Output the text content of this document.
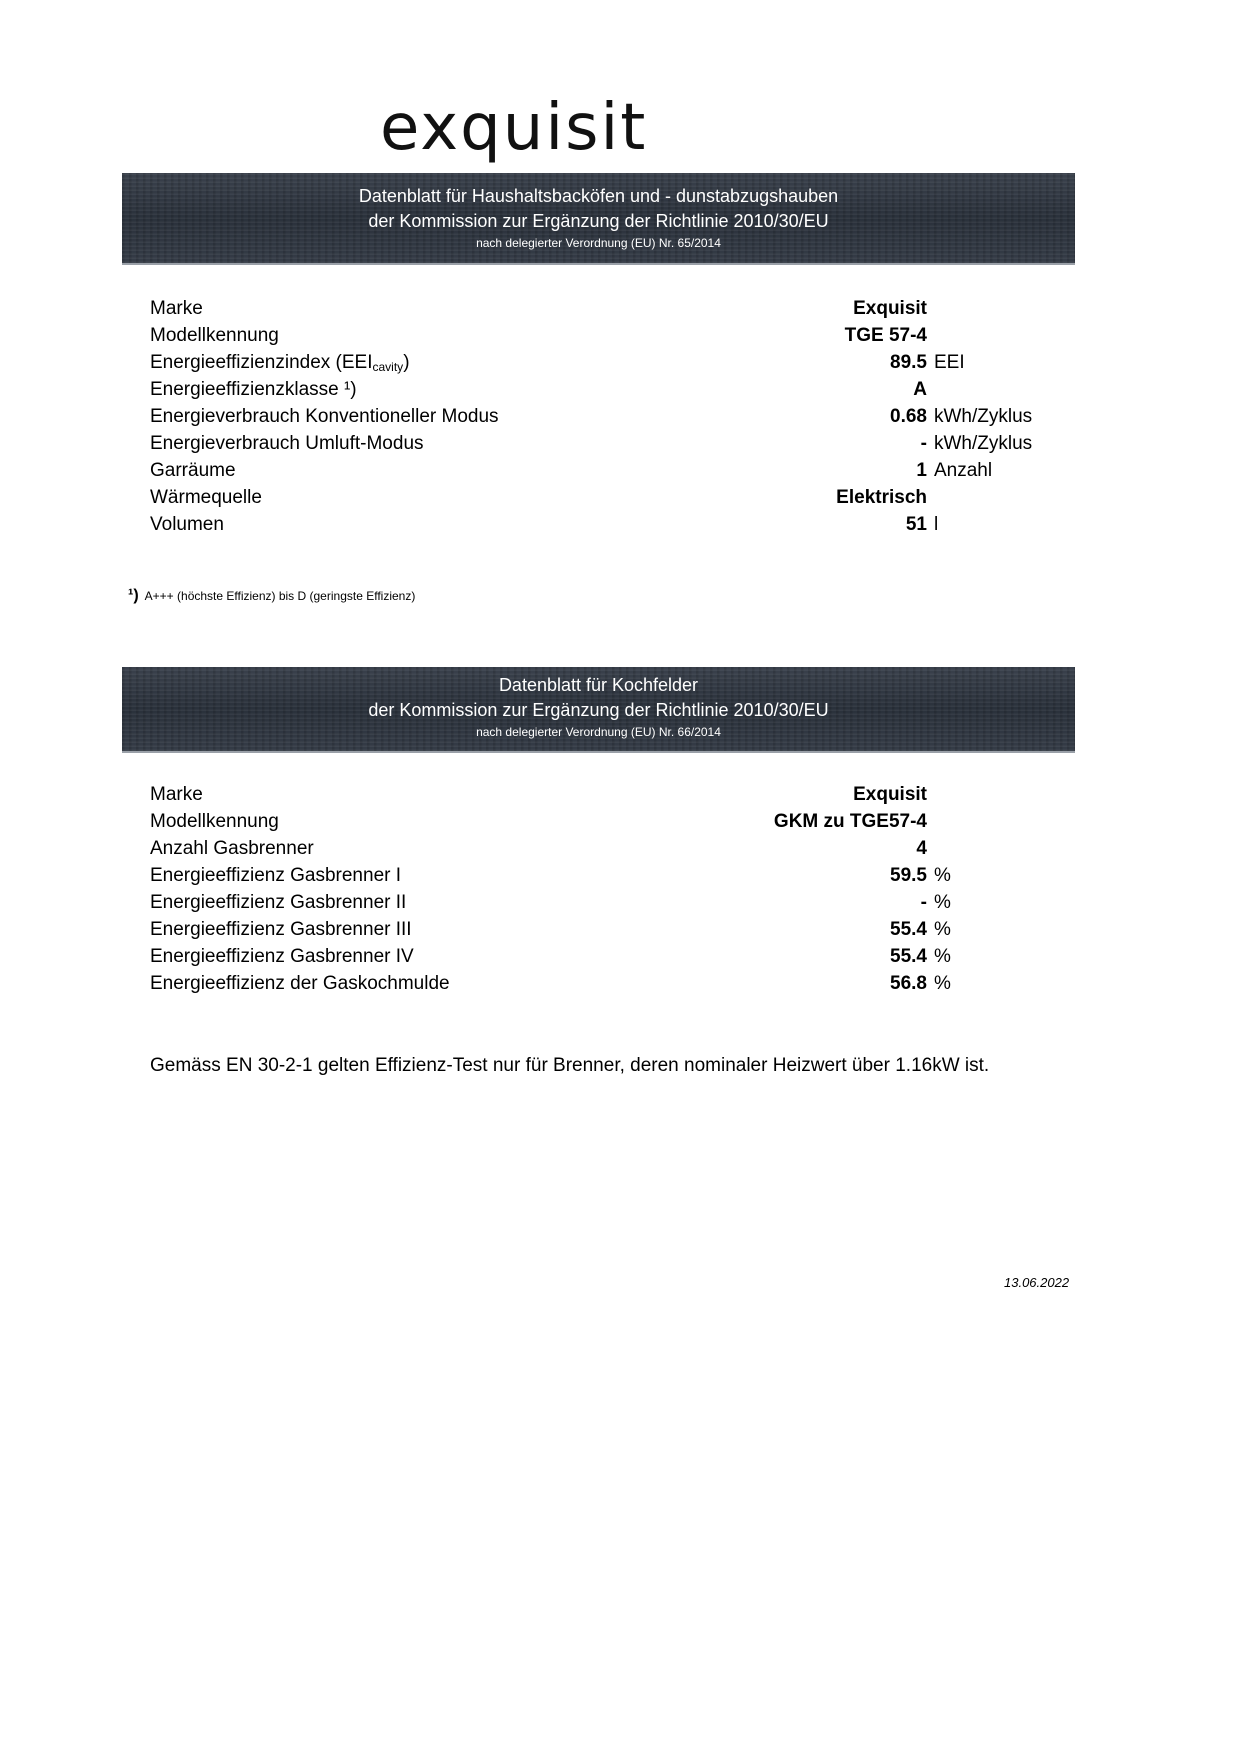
exquisit
Datenblatt für Haushaltsbacköfen und - dunstabzugshauben
der Kommission zur Ergänzung der Richtlinie 2010/30/EU
nach delegierter Verordnung (EU) Nr. 65/2014
Marke	Exquisit
Modellkennung	TGE 57-4
Energieeffizienzindex $(EEI_{cavity})$	89.5 EEI
Energieeffizienzklasse ¹)	A
Energieverbrauch Konventioneller Modus	0.68 kWh/Zyklus
Energieverbrauch Umluft-Modus	- kWh/Zyklus
Garräume	1 Anzahl
Wärmequelle	Elektrisch
Volumen	51 l
¹) A+++ (höchste Effizienz) bis D (geringste Effizienz)
Datenblatt für Kochfelder
der Kommission zur Ergänzung der Richtlinie 2010/30/EU
nach delegierter Verordnung (EU) Nr. 66/2014
Marke	Exquisit
Modellkennung	GKM zu TGE57-4
Anzahl Gasbrenner	4
Energieeffizienz Gasbrenner I	59.5 %
Energieeffizienz Gasbrenner II	- %
Energieeffizienz Gasbrenner III	55.4 %
Energieeffizienz Gasbrenner IV	55.4 %
Energieeffizienz der Gaskochmulde	56.8 %
Gemäss EN 30-2-1 gelten Effizienz-Test nur für Brenner, deren nominaler Heizwert über 1.16kW ist.
13.06.2022
